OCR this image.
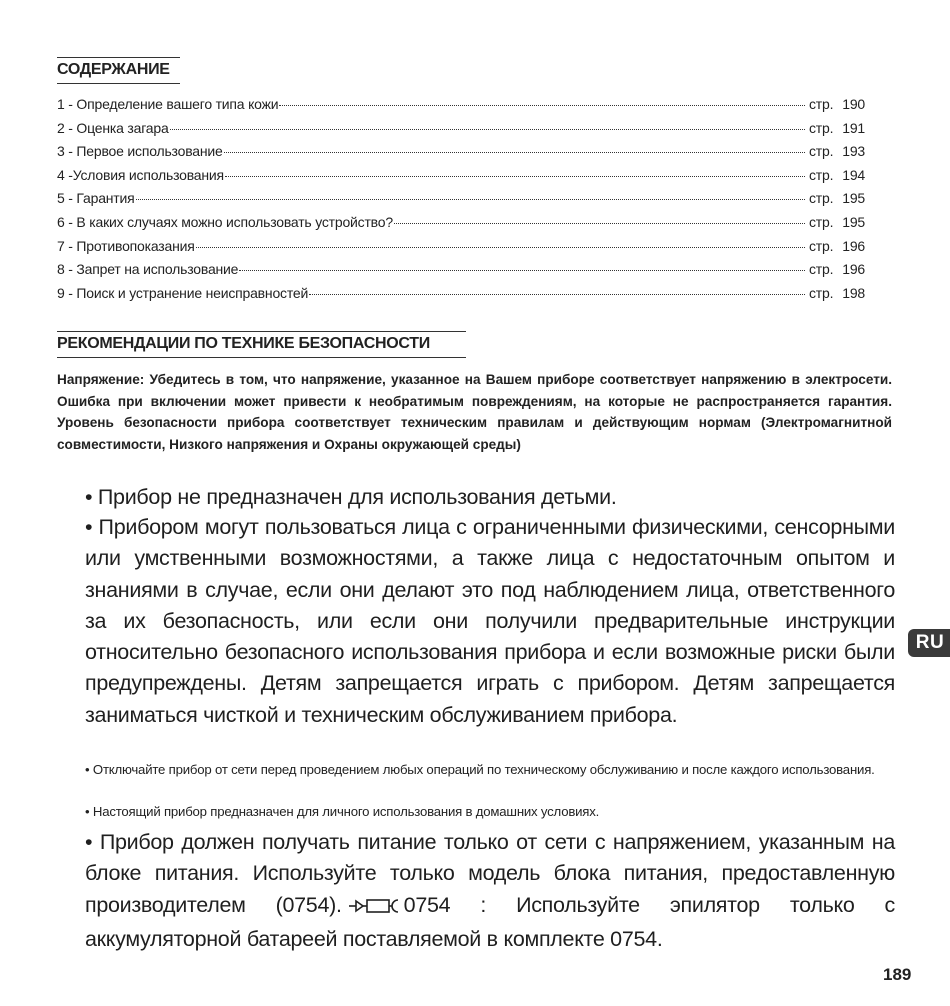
СОДЕРЖАНИЕ
1 - Определение вашего типа кожи	стр. 190
2 - Оценка загара	стр. 191
3 - Первое использование	стр. 193
4 -Условия использования	стр. 194
5 - Гарантия	стр. 195
6 - В каких случаях можно использовать устройство?	стр. 195
7 - Противопоказания	стр. 196
8 - Запрет на использование	стр. 196
9 - Поиск и устранение неисправностей	стр. 198
РЕКОМЕНДАЦИИ ПО ТЕХНИКЕ БЕЗОПАСНОСТИ
Напряжение: Убедитесь в том, что напряжение, указанное на Вашем приборе соответствует напряжению в электросети. Ошибка при включении может привести к необратимым повреждениям, на которые не распространяется гарантия. Уровень безопасности прибора соответствует техническим правилам и действующим нормам (Электромагнитной совместимости, Низкого напряжения и Охраны окружающей среды)
• Прибор не предназначен для использования детьми.
• Прибором могут пользоваться лица с ограниченными физическими, сенсорными или умственными возможностями, а также лица с недостаточным опытом и знаниями в случае, если они делают это под наблюдением лица, ответственного за их безопасность, или если они получили предварительные инструкции относительно безопасного использования прибора и если возможные риски были предупреждены. Детям запрещается играть с прибором. Детям запрещается заниматься чисткой и техническим обслуживанием прибора.
• Отключайте прибор от сети перед проведением любых операций по техническому обслуживанию и после каждого использования.
• Настоящий прибор предназначен для личного использования в домашних условиях.
• Прибор должен получать питание только от сети с напряжением, указанным на блоке питания. Используйте только модель блока питания, предоставленную производителем (0754).	0754 : Используйте эпилятор только с аккумуляторной батареей поставляемой в комплекте 0754.
RU
189
